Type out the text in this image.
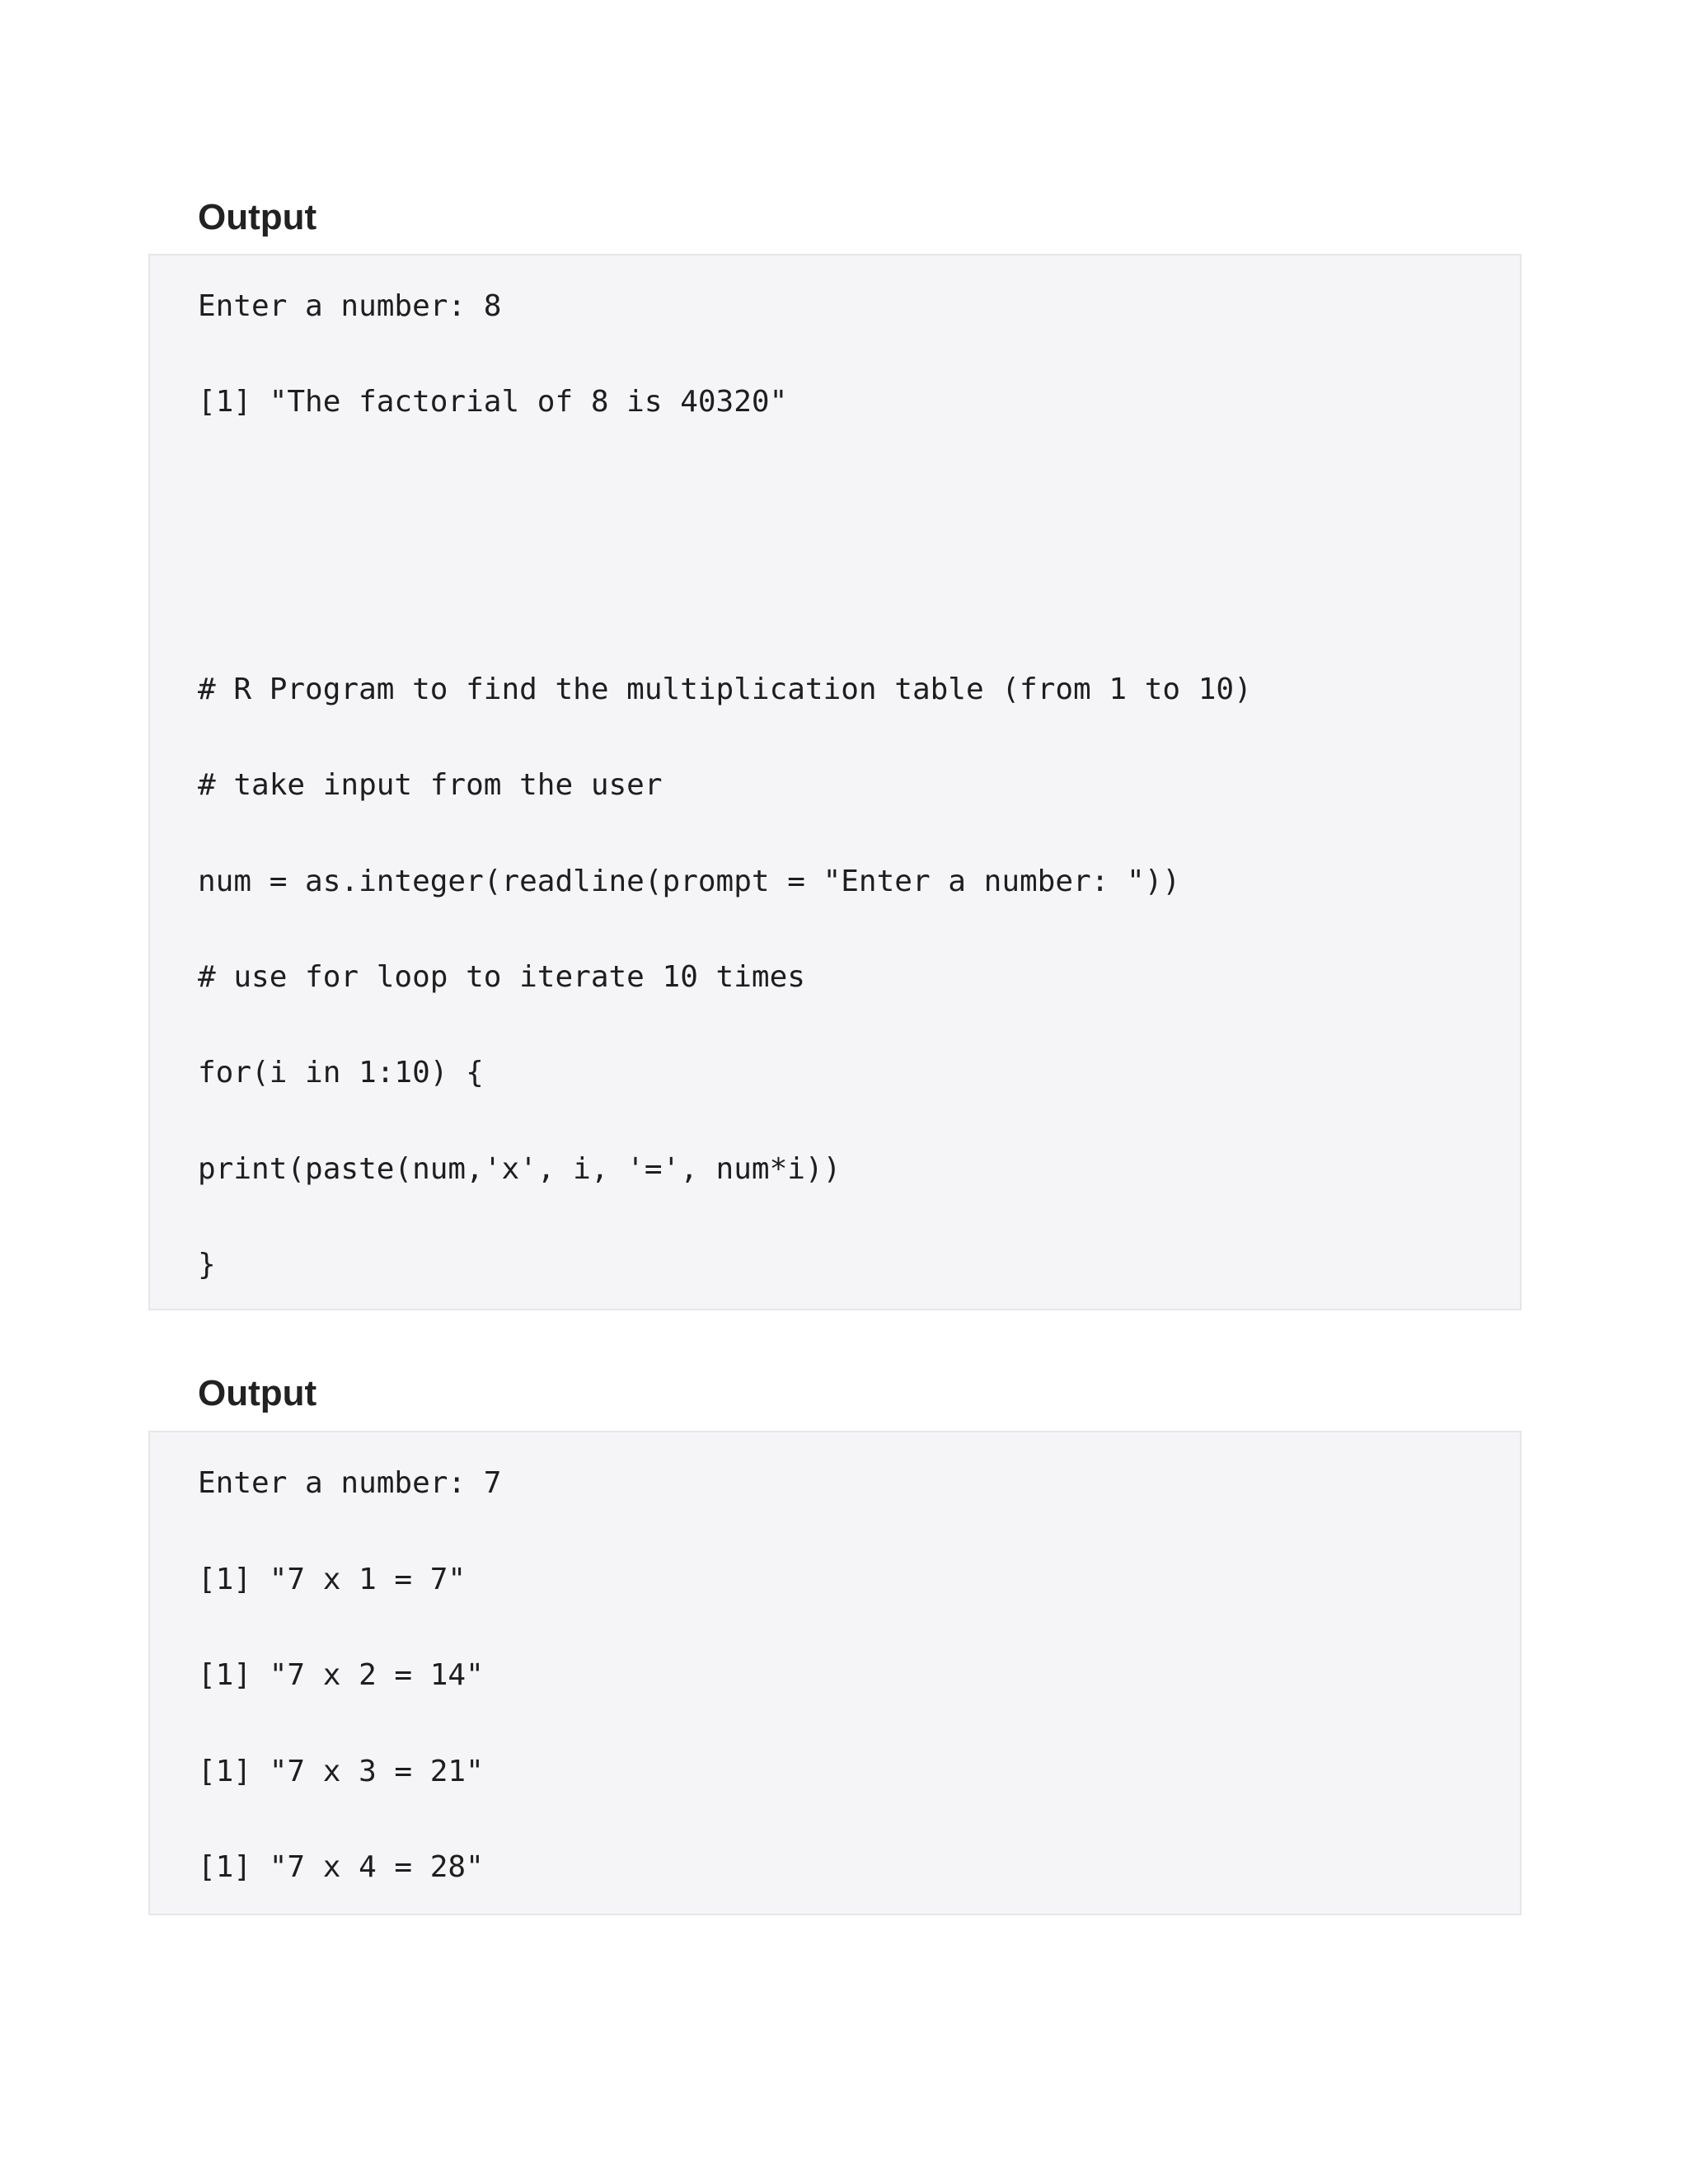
Output
Enter a number: 8
[1] "The factorial of 8 is 40320"
# R Program to find the multiplication table (from 1 to 10)
# take input from the user
num = as.integer(readline(prompt = "Enter a number: "))
# use for loop to iterate 10 times
for(i in 1:10) {
print(paste(num,'x', i, '=', num*i))
}
Output
Enter a number: 7
[1] "7 x 1 = 7"
[1] "7 x 2 = 14"
[1] "7 x 3 = 21"
[1] "7 x 4 = 28"
